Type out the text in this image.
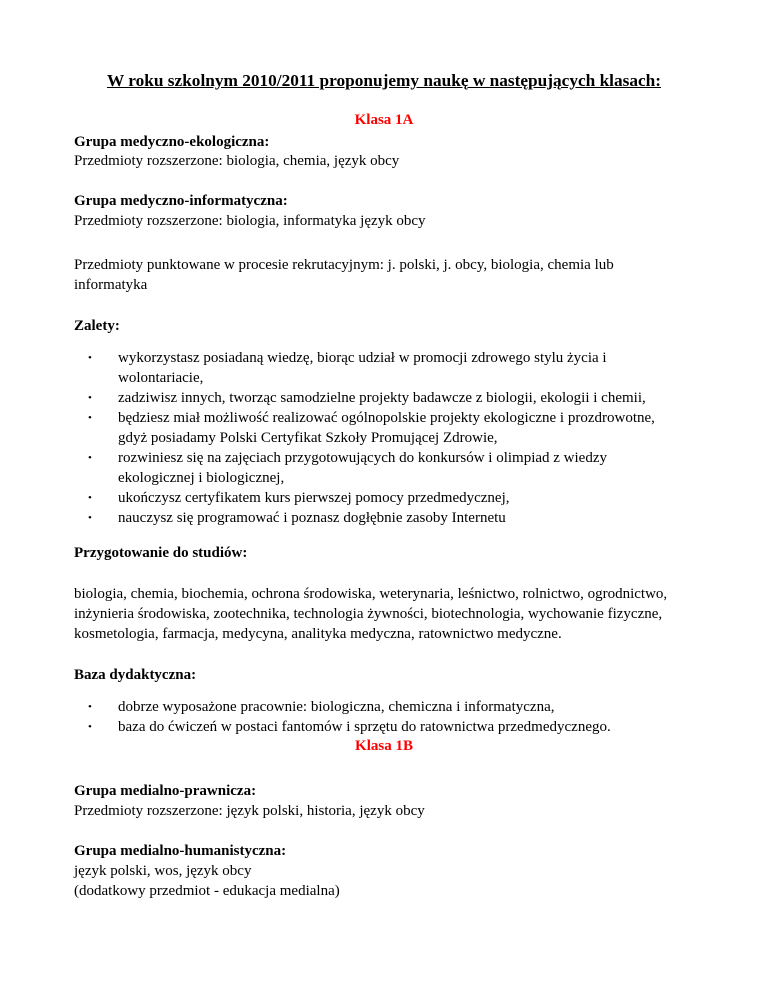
W roku szkolnym 2010/2011 proponujemy naukę w następujących klasach:
Klasa 1A
Grupa medyczno-ekologiczna:
Przedmioty rozszerzone: biologia, chemia, język obcy
Grupa medyczno-informatyczna:
Przedmioty rozszerzone: biologia, informatyka język obcy
Przedmioty punktowane w procesie rekrutacyjnym: j. polski, j. obcy, biologia, chemia lub
informatyka
Zalety:
• wykorzystasz posiadaną wiedzę, biorąc udział w promocji zdrowego stylu życia i
wolontariacie,
• zadziwisz innych, tworząc samodzielne projekty badawcze z biologii, ekologii i chemii,
• będziesz miał możliwość realizować ogólnopolskie projekty ekologiczne i prozdrowotne,
gdyż posiadamy Polski Certyfikat Szkoły Promującej Zdrowie,
• rozwiniesz się na zajęciach przygotowujących do konkursów i olimpiad z wiedzy
ekologicznej i biologicznej,
• ukończysz certyfikatem kurs pierwszej pomocy przedmedycznej,
• nauczysz się programować i poznasz dogłębnie zasoby Internetu
Przygotowanie do studiów:
biologia, chemia, biochemia, ochrona środowiska, weterynaria, leśnictwo, rolnictwo, ogrodnictwo,
inżynieria środowiska, zootechnika, technologia żywności, biotechnologia, wychowanie fizyczne,
kosmetologia, farmacja, medycyna, analityka medyczna, ratownictwo medyczne.
Baza dydaktyczna:
• dobrze wyposażone pracownie: biologiczna, chemiczna i informatyczna,
• baza do ćwiczeń w postaci fantomów i sprzętu do ratownictwa przedmedycznego.
Klasa 1B
Grupa medialno-prawnicza:
Przedmioty rozszerzone: język polski, historia, język obcy
Grupa medialno-humanistyczna:
język polski, wos, język obcy
(dodatkowy przedmiot - edukacja medialna)
